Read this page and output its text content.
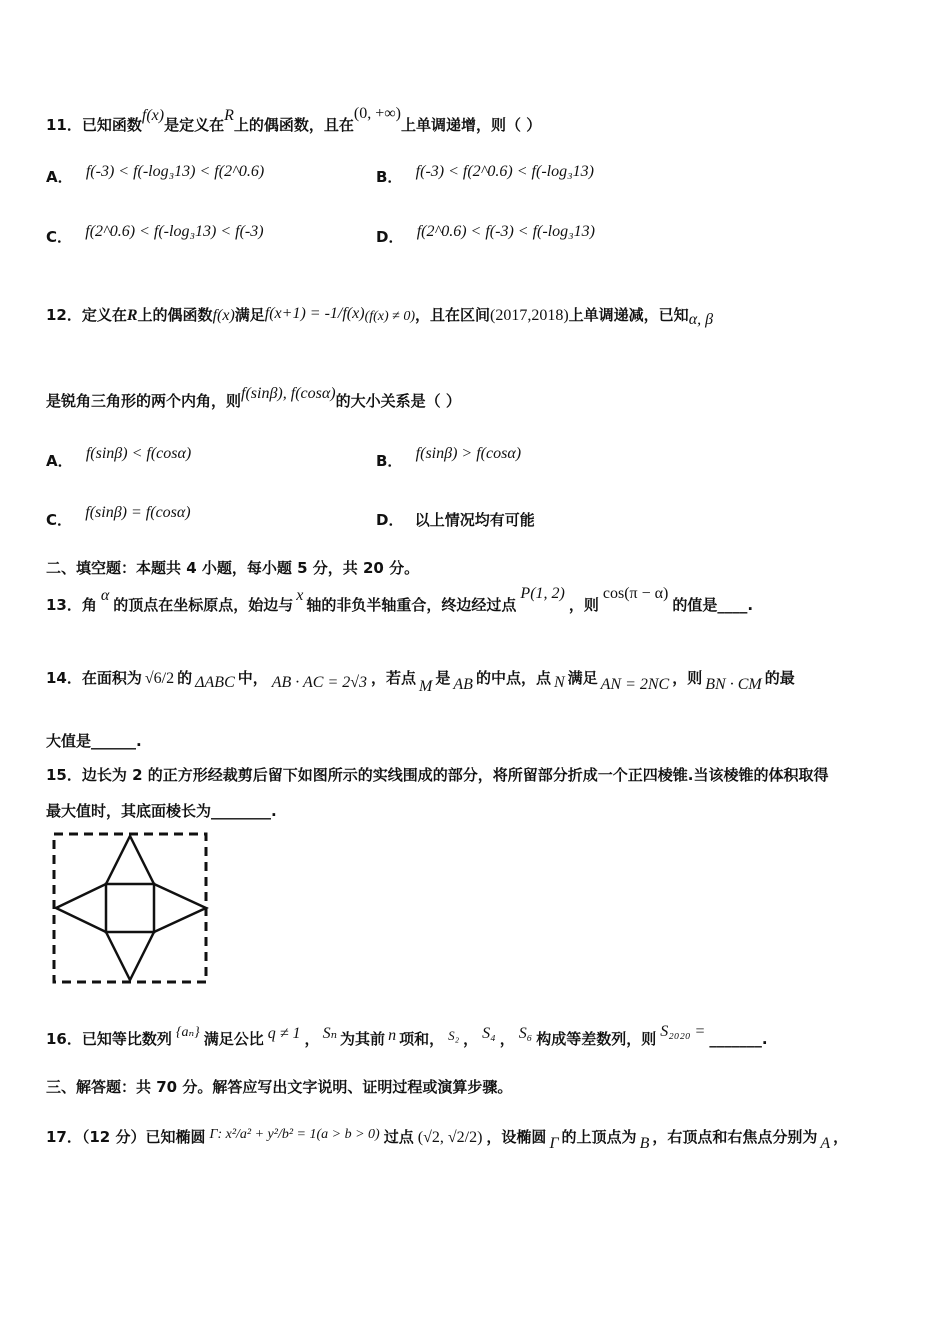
11．已知函数f(x)是定义在R上的偶函数，且在(0, +∞)上单调递增，则（ ）
A． f(-3) < f(-log₃13) < f(2^0.6)	B． f(-3) < f(2^0.6) < f(-log₃13)
C． f(2^0.6) < f(-log₃13) < f(-3)	D． f(2^0.6) < f(-3) < f(-log₃13)
12．定义在R上的偶函数f(x)满足f(x+1) = -1/f(x)(f(x) ≠ 0)，且在区间(2017,2018)上单调递减，已知α, β
是锐角三角形的两个内角，则f(sinβ), f(cosα)的大小关系是（ ）
A． f(sinβ) < f(cosα)	B． f(sinβ) > f(cosα)
C． f(sinβ) = f(cosα)	D． 以上情况均有可能
二、填空题：本题共 4 小题，每小题 5 分，共 20 分。
13．角α的顶点在坐标原点，始边与x轴的非负半轴重合，终边经过点P(1, 2)，则cos(π − α)的值是____.
14．在面积为 √6/2 的 ΔABC 中， AB · AC = 2√3 ，若点 M 是 AB 的中点，点 N 满足 AN = 2NC ，则 BN · CM 的最
大值是______.
15．边长为 2 的正方形经裁剪后留下如图所示的实线围成的部分，将所留部分折成一个正四棱锥.当该棱锥的体积取得
最大值时，其底面棱长为________.
16．已知等比数列 {aₙ} 满足公比 q ≠ 1 ， Sₙ 为其前 n 项和， S₂ ， S₄ ， S₆ 构成等差数列，则 S₂₀₂₀ = _______.
三、解答题：共 70 分。解答应写出文字说明、证明过程或演算步骤。
17．（12 分）已知椭圆 Γ: x²/a² + y²/b² = 1(a > b > 0) 过点 (√2, √2/2) ，设椭圆 Γ 的上顶点为 B ，右顶点和右焦点分别为 A ，
